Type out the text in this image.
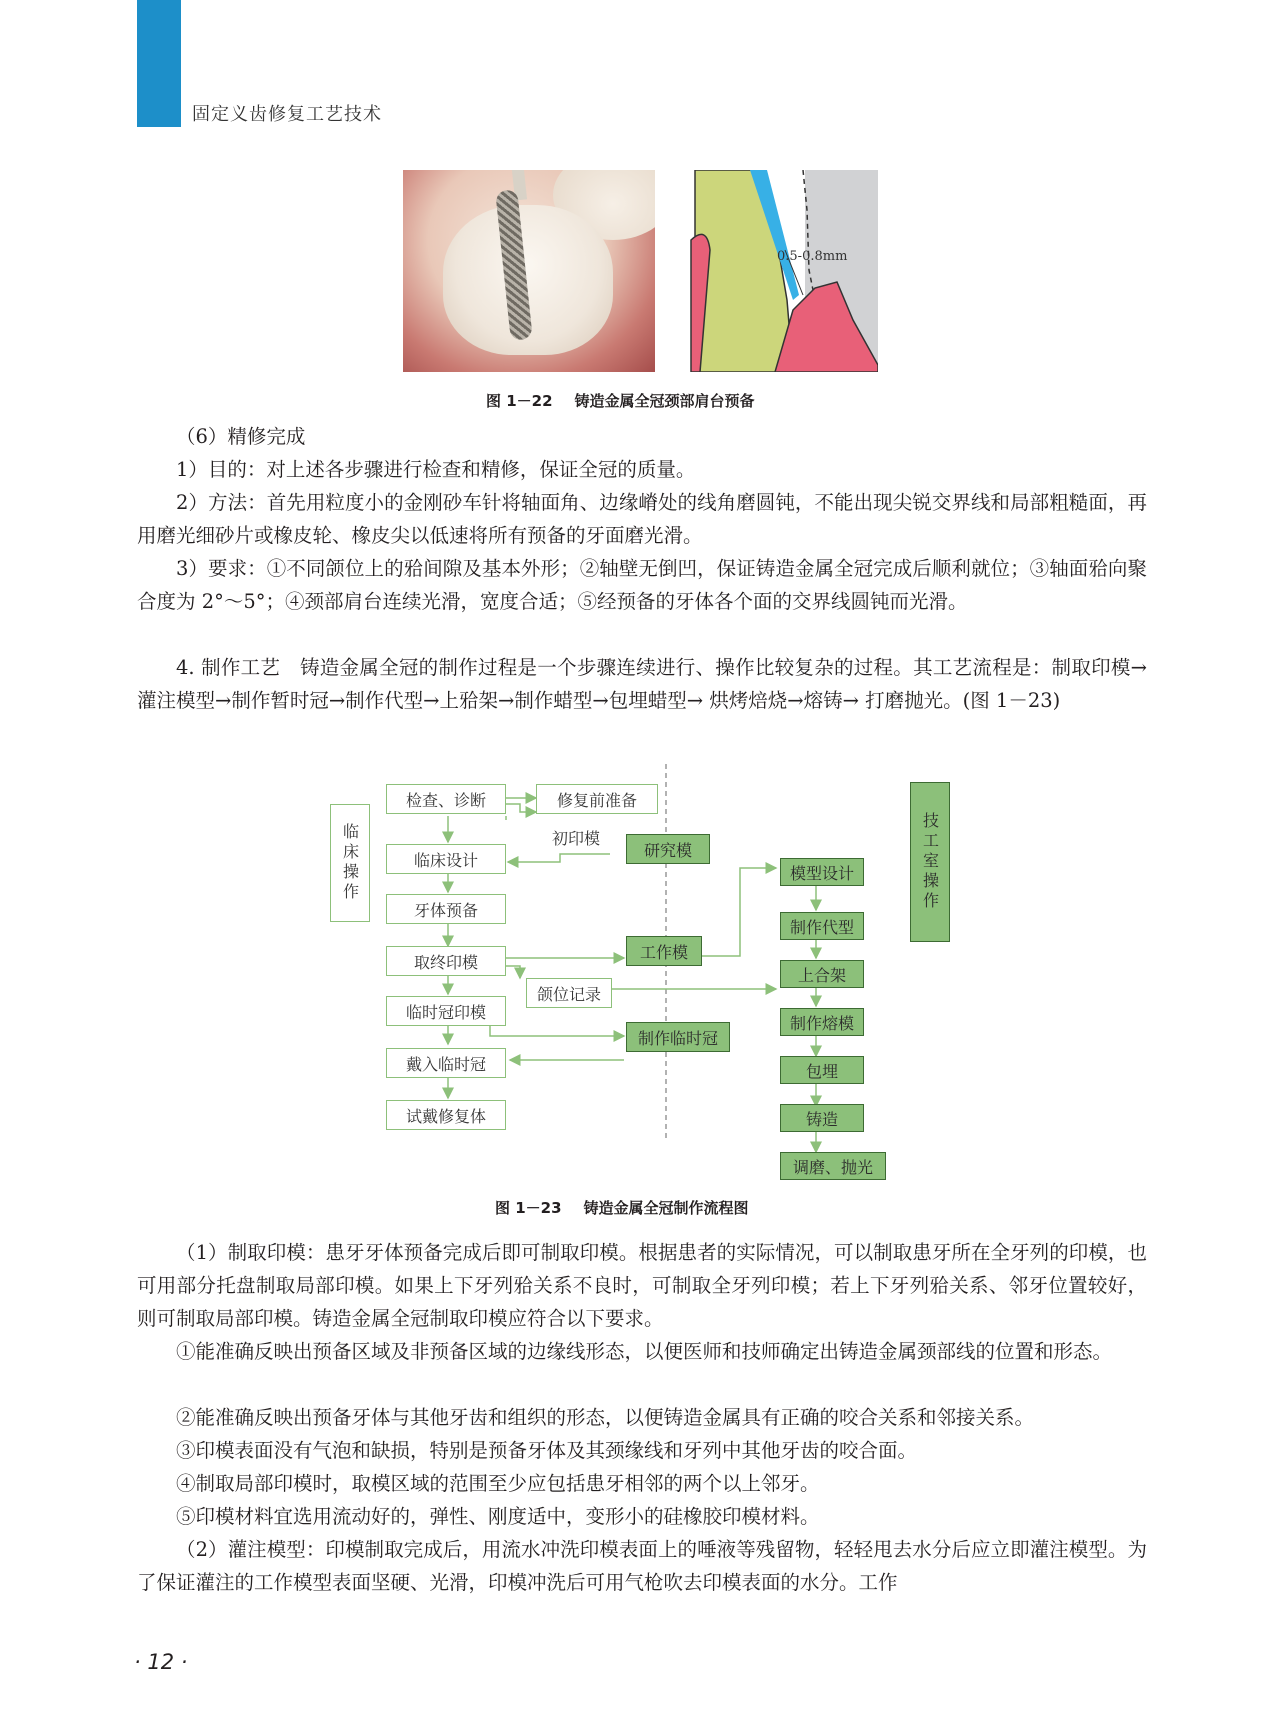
固定义齿修复工艺技术
0.5-0.8mm
图 1－22 铸造金属全冠颈部肩台预备
（6）精修完成
1）目的：对上述各步骤进行检查和精修，保证全冠的质量。
2）方法：首先用粒度小的金刚砂车针将轴面角、边缘嵴处的线角磨圆钝，不能出现尖锐交界线和局部粗糙面，再用磨光细砂片或橡皮轮、橡皮尖以低速将所有预备的牙面磨光滑。
3）要求：①不同颌位上的𬌗间隙及基本外形；②轴壁无倒凹，保证铸造金属全冠完成后顺利就位；③轴面𬌗向聚合度为 2°～5°；④颈部肩台连续光滑，宽度合适；⑤经预备的牙体各个面的交界线圆钝而光滑。
4. 制作工艺　铸造金属全冠的制作过程是一个步骤连续进行、操作比较复杂的过程。其工艺流程是：制取印模→灌注模型→制作暂时冠→制作代型→上𬌗架→制作蜡型→包埋蜡型→ 烘烤焙烧→熔铸→ 打磨抛光。(图 1－23)
临床操作	技工室操作
检查、诊断	修复前准备
初印模
研究模
临床设计
牙体预备
取终印模
工作模
颌位记录
临时冠印模
制作临时冠
戴入临时冠
试戴修复体
模型设计
制作代型
上合架
制作熔模
包埋
铸造
调磨、抛光
图 1－23 铸造金属全冠制作流程图
（1）制取印模：患牙牙体预备完成后即可制取印模。根据患者的实际情况，可以制取患牙所在全牙列的印模，也可用部分托盘制取局部印模。如果上下牙列𬌗关系不良时，可制取全牙列印模；若上下牙列𬌗关系、邻牙位置较好，则可制取局部印模。铸造金属全冠制取印模应符合以下要求。
①能准确反映出预备区域及非预备区域的边缘线形态，以便医师和技师确定出铸造金属颈部线的位置和形态。
②能准确反映出预备牙体与其他牙齿和组织的形态，以便铸造金属具有正确的咬合关系和邻接关系。
③印模表面没有气泡和缺损，特别是预备牙体及其颈缘线和牙列中其他牙齿的咬合面。
④制取局部印模时，取模区域的范围至少应包括患牙相邻的两个以上邻牙。
⑤印模材料宜选用流动好的，弹性、刚度适中，变形小的硅橡胶印模材料。
（2）灌注模型：印模制取完成后，用流水冲洗印模表面上的唾液等残留物，轻轻甩去水分后应立即灌注模型。为了保证灌注的工作模型表面坚硬、光滑，印模冲洗后可用气枪吹去印模表面的水分。工作
· 12 ·
